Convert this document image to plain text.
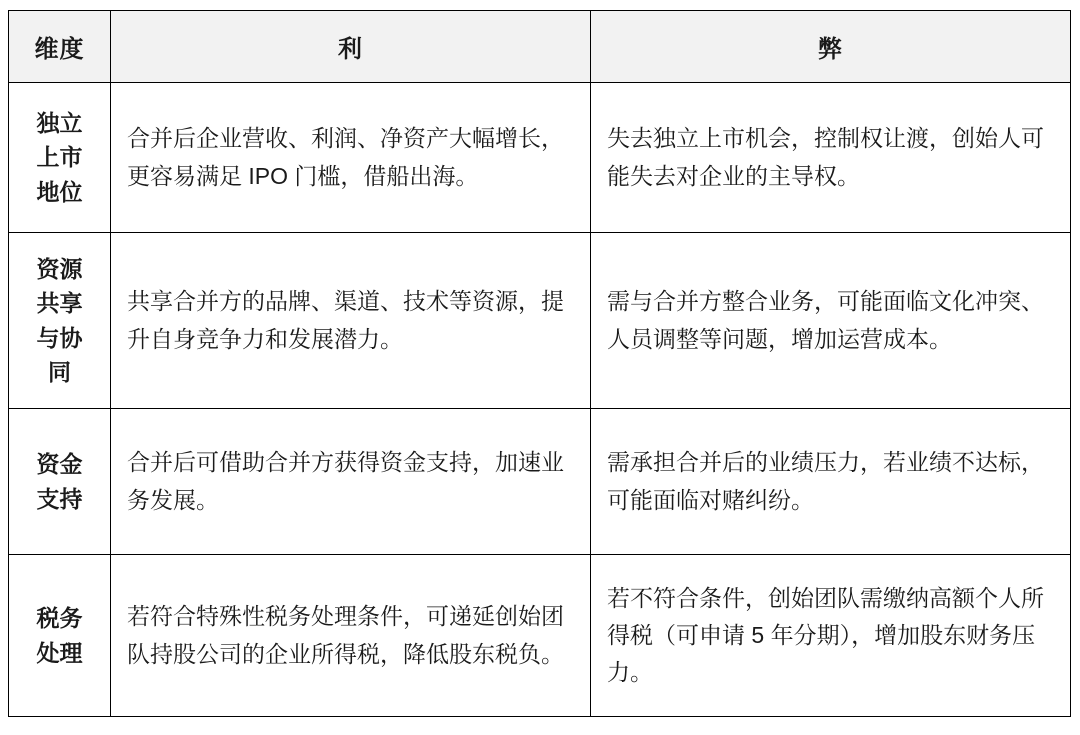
维度	利	弊

独立
上市
地位	合并后企业营收、利润、净资产大幅增长，更容易满足 IPO 门槛，借船出海。	失去独立上市机会，控制权让渡，创始人可能失去对企业的主导权。

资源
共享
与协
同	共享合并方的品牌、渠道、技术等资源，提升自身竞争力和发展潜力。	需与合并方整合业务，可能面临文化冲突、人员调整等问题，增加运营成本。

资金
支持	合并后可借助合并方获得资金支持，加速业务发展。	需承担合并后的业绩压力，若业绩不达标，可能面临对赌纠纷。

税务
处理	若符合特殊性税务处理条件，可递延创始团队持股公司的企业所得税，降低股东税负。	若不符合条件，创始团队需缴纳高额个人所得税（可申请 5 年分期），增加股东财务压力。
